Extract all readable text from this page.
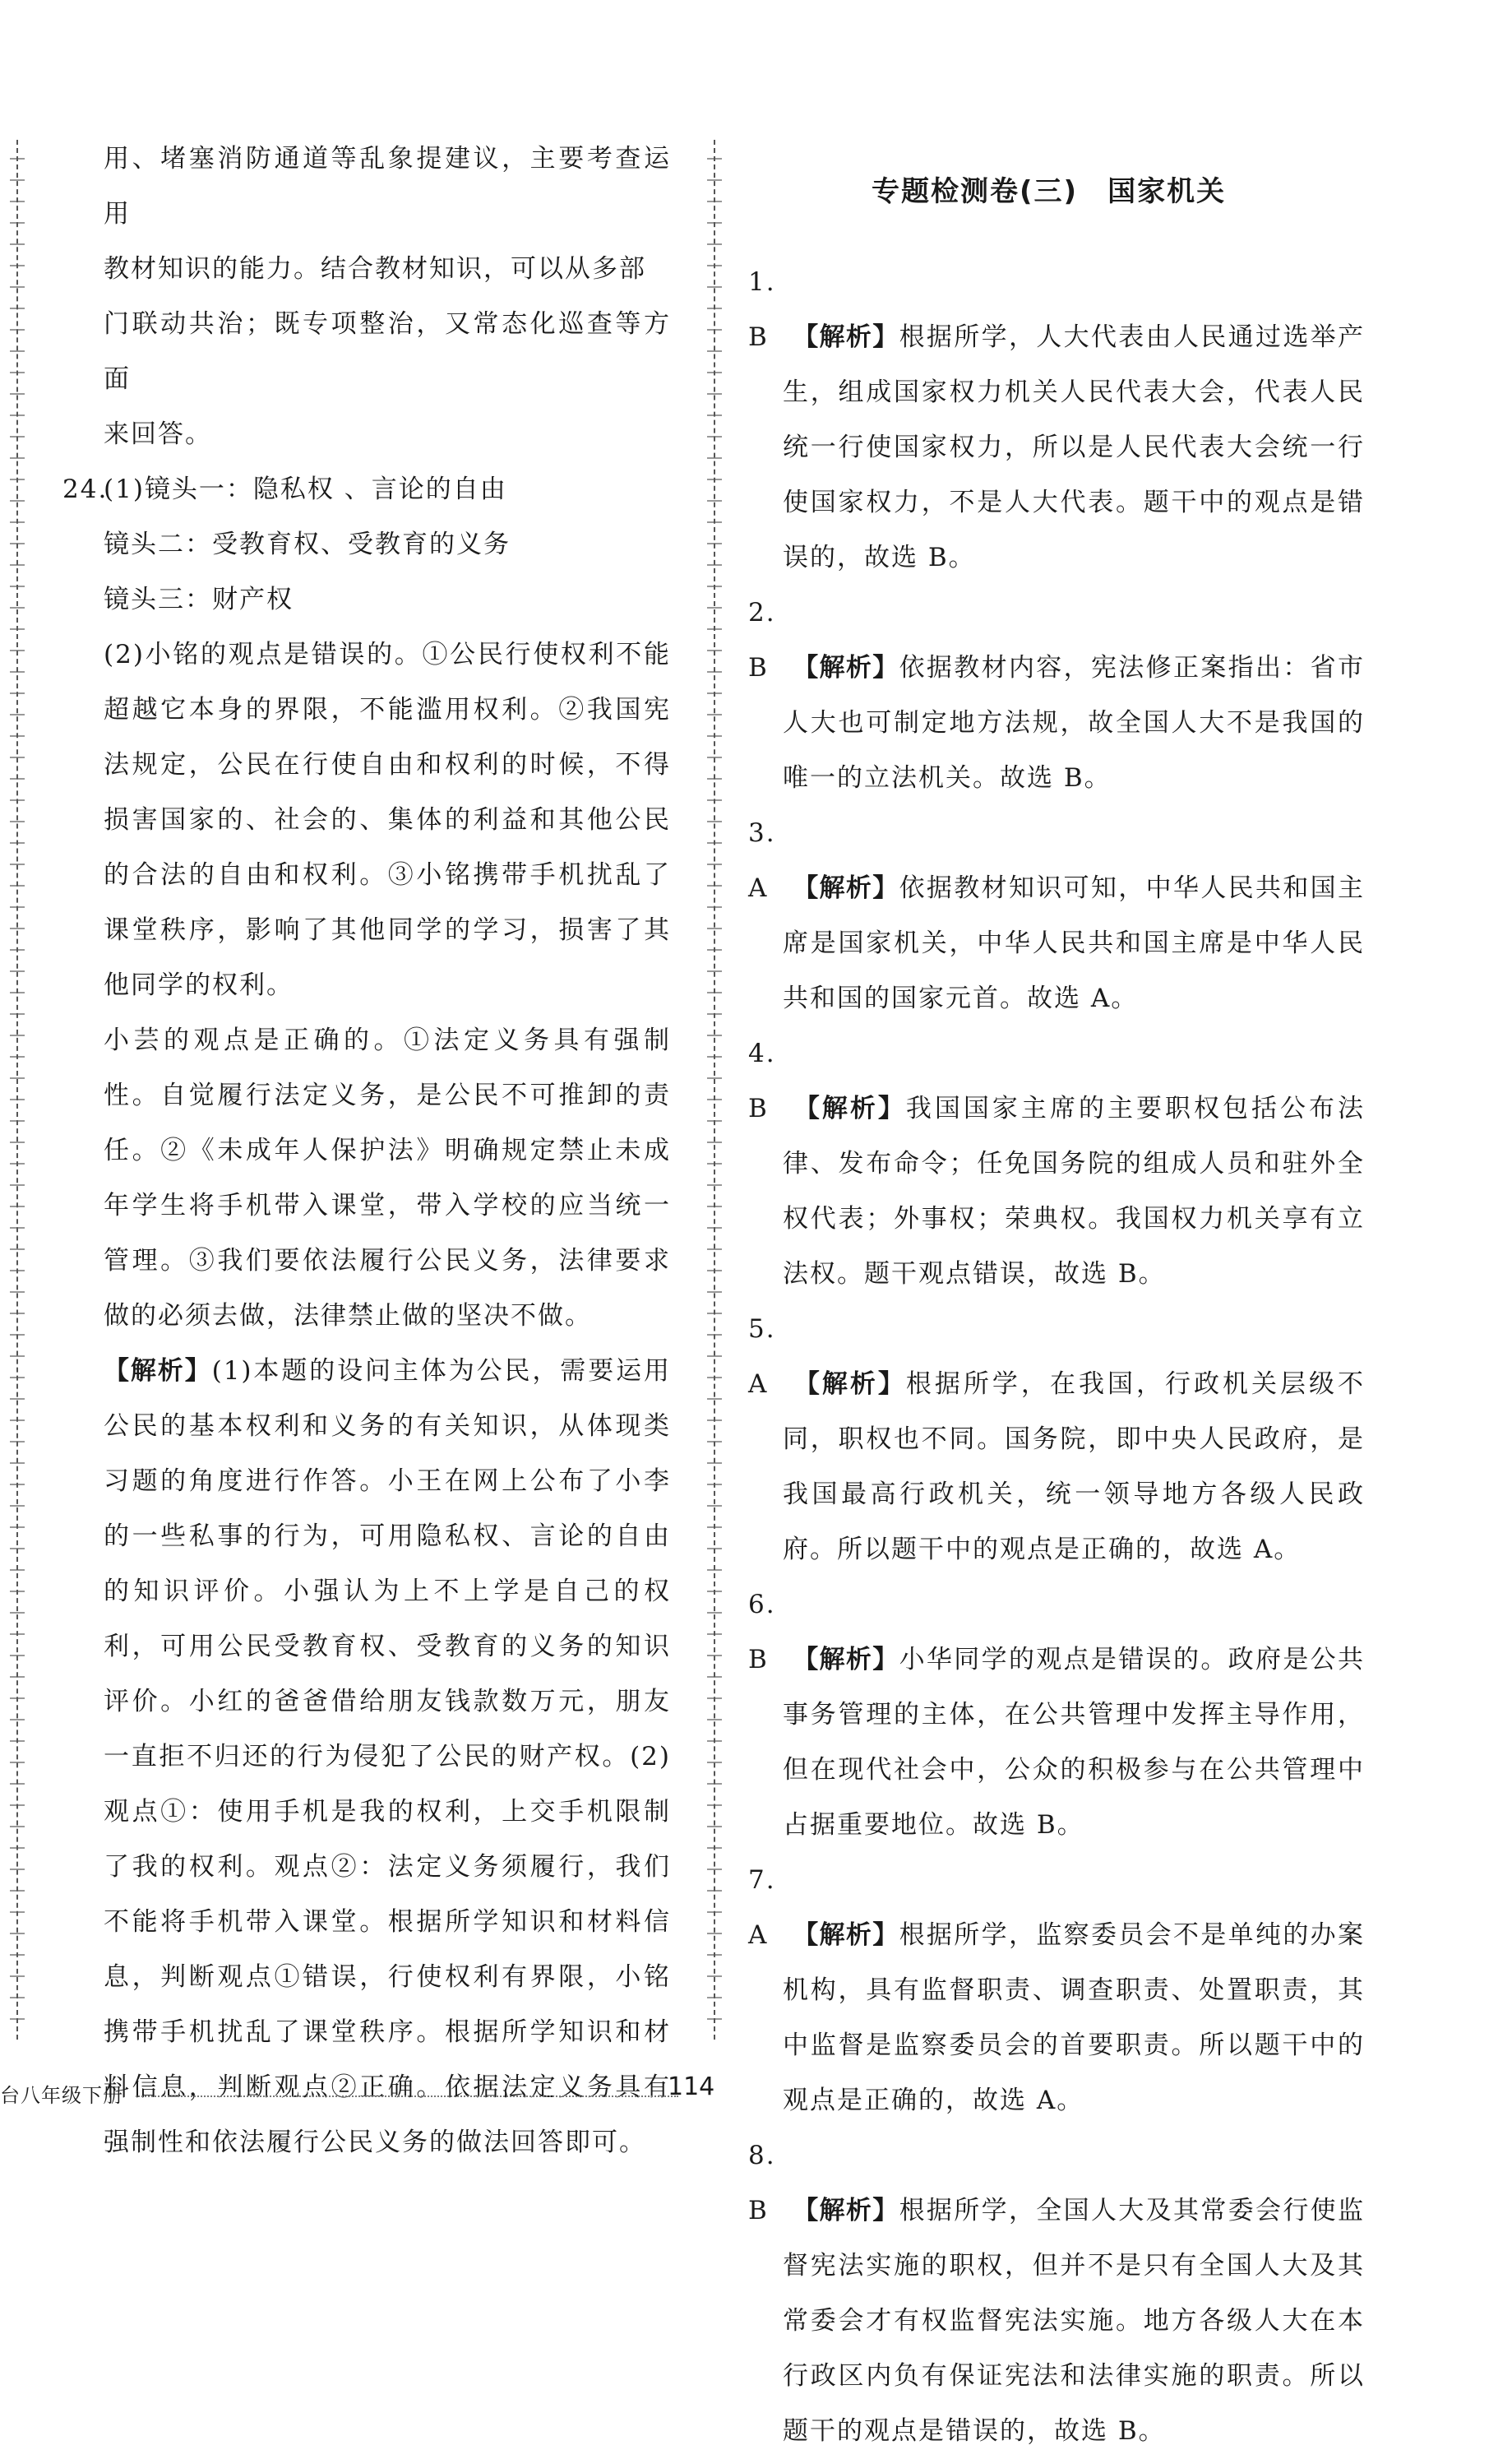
用、堵塞消防通道等乱象提建议，主要考查运用

教材知识的能力。结合教材知识，可以从多部

门联动共治；既专项整治，又常态化巡查等方面

来回答。

24.(1)镜头一：隐私权 、言论的自由

镜头二：受教育权、受教育的义务

镜头三：财产权

(2)小铭的观点是错误的。①公民行使权利不能超越它本身的界限，不能滥用权利。②我国宪法规定，公民在行使自由和权利的时候，不得损害国家的、社会的、集体的利益和其他公民的合法的自由和权利。③小铭携带手机扰乱了课堂秩序，影响了其他同学的学习，损害了其他同学的权利。

小芸的观点是正确的。①法定义务具有强制性。自觉履行法定义务，是公民不可推卸的责任。②《未成年人保护法》明确规定禁止未成年学生将手机带入课堂，带入学校的应当统一管理。③我们要依法履行公民义务，法律要求做的必须去做，法律禁止做的坚决不做。

【解析】(1)本题的设问主体为公民，需要运用公民的基本权利和义务的有关知识，从体现类习题的角度进行作答。小王在网上公布了小李的一些私事的行为，可用隐私权、言论的自由的知识评价。小强认为上不上学是自己的权利，可用公民受教育权、受教育的义务的知识评价。小红的爸爸借给朋友钱款数万元，朋友一直拒不归还的行为侵犯了公民的财产权。(2)观点①：使用手机是我的权利，上交手机限制了我的权利。观点②：法定义务须履行，我们不能将手机带入课堂。根据所学知识和材料信息，判断观点①错误，行使权利有界限，小铭携带手机扰乱了课堂秩序。根据所学知识和材料信息，判断观点②正确。依据法定义务具有强制性和依法履行公民义务的做法回答即可。

专题检测卷(三)　国家机关

1. B 【解析】根据所学，人大代表由人民通过选举产生，组成国家权力机关人民代表大会，代表人民统一行使国家权力，所以是人民代表大会统一行使国家权力，不是人大代表。题干中的观点是错误的，故选 B。

2. B 【解析】依据教材内容，宪法修正案指出：省市人大也可制定地方法规，故全国人大不是我国的唯一的立法机关。故选 B。

3. A 【解析】依据教材知识可知，中华人民共和国主席是国家机关，中华人民共和国主席是中华人民共和国的国家元首。故选 A。

4. B 【解析】我国国家主席的主要职权包括公布法律、发布命令；任免国务院的组成人员和驻外全权代表；外事权；荣典权。我国权力机关享有立法权。题干观点错误，故选 B。

5. A 【解析】根据所学，在我国，行政机关层级不同，职权也不同。国务院，即中央人民政府，是我国最高行政机关，统一领导地方各级人民政府。所以题干中的观点是正确的，故选 A。

6. B 【解析】小华同学的观点是错误的。政府是公共事务管理的主体，在公共管理中发挥主导作用，但在现代社会中，公众的积极参与在公共管理中占据重要地位。故选 B。

7. A 【解析】根据所学，监察委员会不是单纯的办案机构，具有监督职责、调查职责、处置职责，其中监督是监察委员会的首要职责。所以题干中的观点是正确的，故选 A。

8. B 【解析】根据所学，全国人大及其常委会行使监督宪法实施的职权，但并不是只有全国人大及其常委会才有权监督宪法实施。地方各级人大在本行政区内负有保证宪法和法律实施的职责。所以题干的观点是错误的，故选 B。

台八年级下册	114
